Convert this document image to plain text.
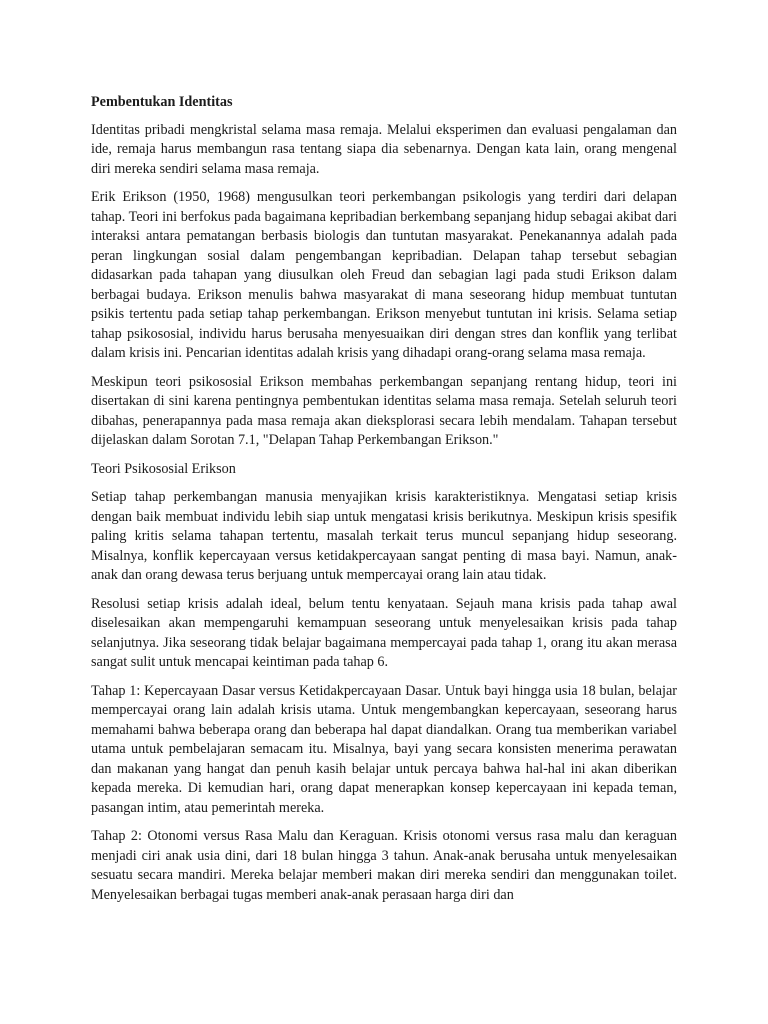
Pembentukan Identitas

Identitas pribadi mengkristal selama masa remaja. Melalui eksperimen dan evaluasi pengalaman dan ide, remaja harus membangun rasa tentang siapa dia sebenarnya. Dengan kata lain, orang mengenal diri mereka sendiri selama masa remaja.

Erik Erikson (1950, 1968) mengusulkan teori perkembangan psikologis yang terdiri dari delapan tahap. Teori ini berfokus pada bagaimana kepribadian berkembang sepanjang hidup sebagai akibat dari interaksi antara pematangan berbasis biologis dan tuntutan masyarakat. Penekanannya adalah pada peran lingkungan sosial dalam pengembangan kepribadian. Delapan tahap tersebut sebagian didasarkan pada tahapan yang diusulkan oleh Freud dan sebagian lagi pada studi Erikson dalam berbagai budaya. Erikson menulis bahwa masyarakat di mana seseorang hidup membuat tuntutan psikis tertentu pada setiap tahap perkembangan. Erikson menyebut tuntutan ini krisis. Selama setiap tahap psikososial, individu harus berusaha menyesuaikan diri dengan stres dan konflik yang terlibat dalam krisis ini. Pencarian identitas adalah krisis yang dihadapi orang-orang selama masa remaja.

Meskipun teori psikososial Erikson membahas perkembangan sepanjang rentang hidup, teori ini disertakan di sini karena pentingnya pembentukan identitas selama masa remaja. Setelah seluruh teori dibahas, penerapannya pada masa remaja akan dieksplorasi secara lebih mendalam. Tahapan tersebut dijelaskan dalam Sorotan 7.1, "Delapan Tahap Perkembangan Erikson."

Teori Psikososial Erikson

Setiap tahap perkembangan manusia menyajikan krisis karakteristiknya. Mengatasi setiap krisis dengan baik membuat individu lebih siap untuk mengatasi krisis berikutnya. Meskipun krisis spesifik paling kritis selama tahapan tertentu, masalah terkait terus muncul sepanjang hidup seseorang. Misalnya, konflik kepercayaan versus ketidakpercayaan sangat penting di masa bayi. Namun, anak-anak dan orang dewasa terus berjuang untuk mempercayai orang lain atau tidak.

Resolusi setiap krisis adalah ideal, belum tentu kenyataan. Sejauh mana krisis pada tahap awal diselesaikan akan mempengaruhi kemampuan seseorang untuk menyelesaikan krisis pada tahap selanjutnya. Jika seseorang tidak belajar bagaimana mempercayai pada tahap 1, orang itu akan merasa sangat sulit untuk mencapai keintiman pada tahap 6.

Tahap 1: Kepercayaan Dasar versus Ketidakpercayaan Dasar. Untuk bayi hingga usia 18 bulan, belajar mempercayai orang lain adalah krisis utama. Untuk mengembangkan kepercayaan, seseorang harus memahami bahwa beberapa orang dan beberapa hal dapat diandalkan. Orang tua memberikan variabel utama untuk pembelajaran semacam itu. Misalnya, bayi yang secara konsisten menerima perawatan dan makanan yang hangat dan penuh kasih belajar untuk percaya bahwa hal-hal ini akan diberikan kepada mereka. Di kemudian hari, orang dapat menerapkan konsep kepercayaan ini kepada teman, pasangan intim, atau pemerintah mereka.

Tahap 2: Otonomi versus Rasa Malu dan Keraguan. Krisis otonomi versus rasa malu dan keraguan menjadi ciri anak usia dini, dari 18 bulan hingga 3 tahun. Anak-anak berusaha untuk menyelesaikan sesuatu secara mandiri. Mereka belajar memberi makan diri mereka sendiri dan menggunakan toilet. Menyelesaikan berbagai tugas memberi anak-anak perasaan harga diri dan
